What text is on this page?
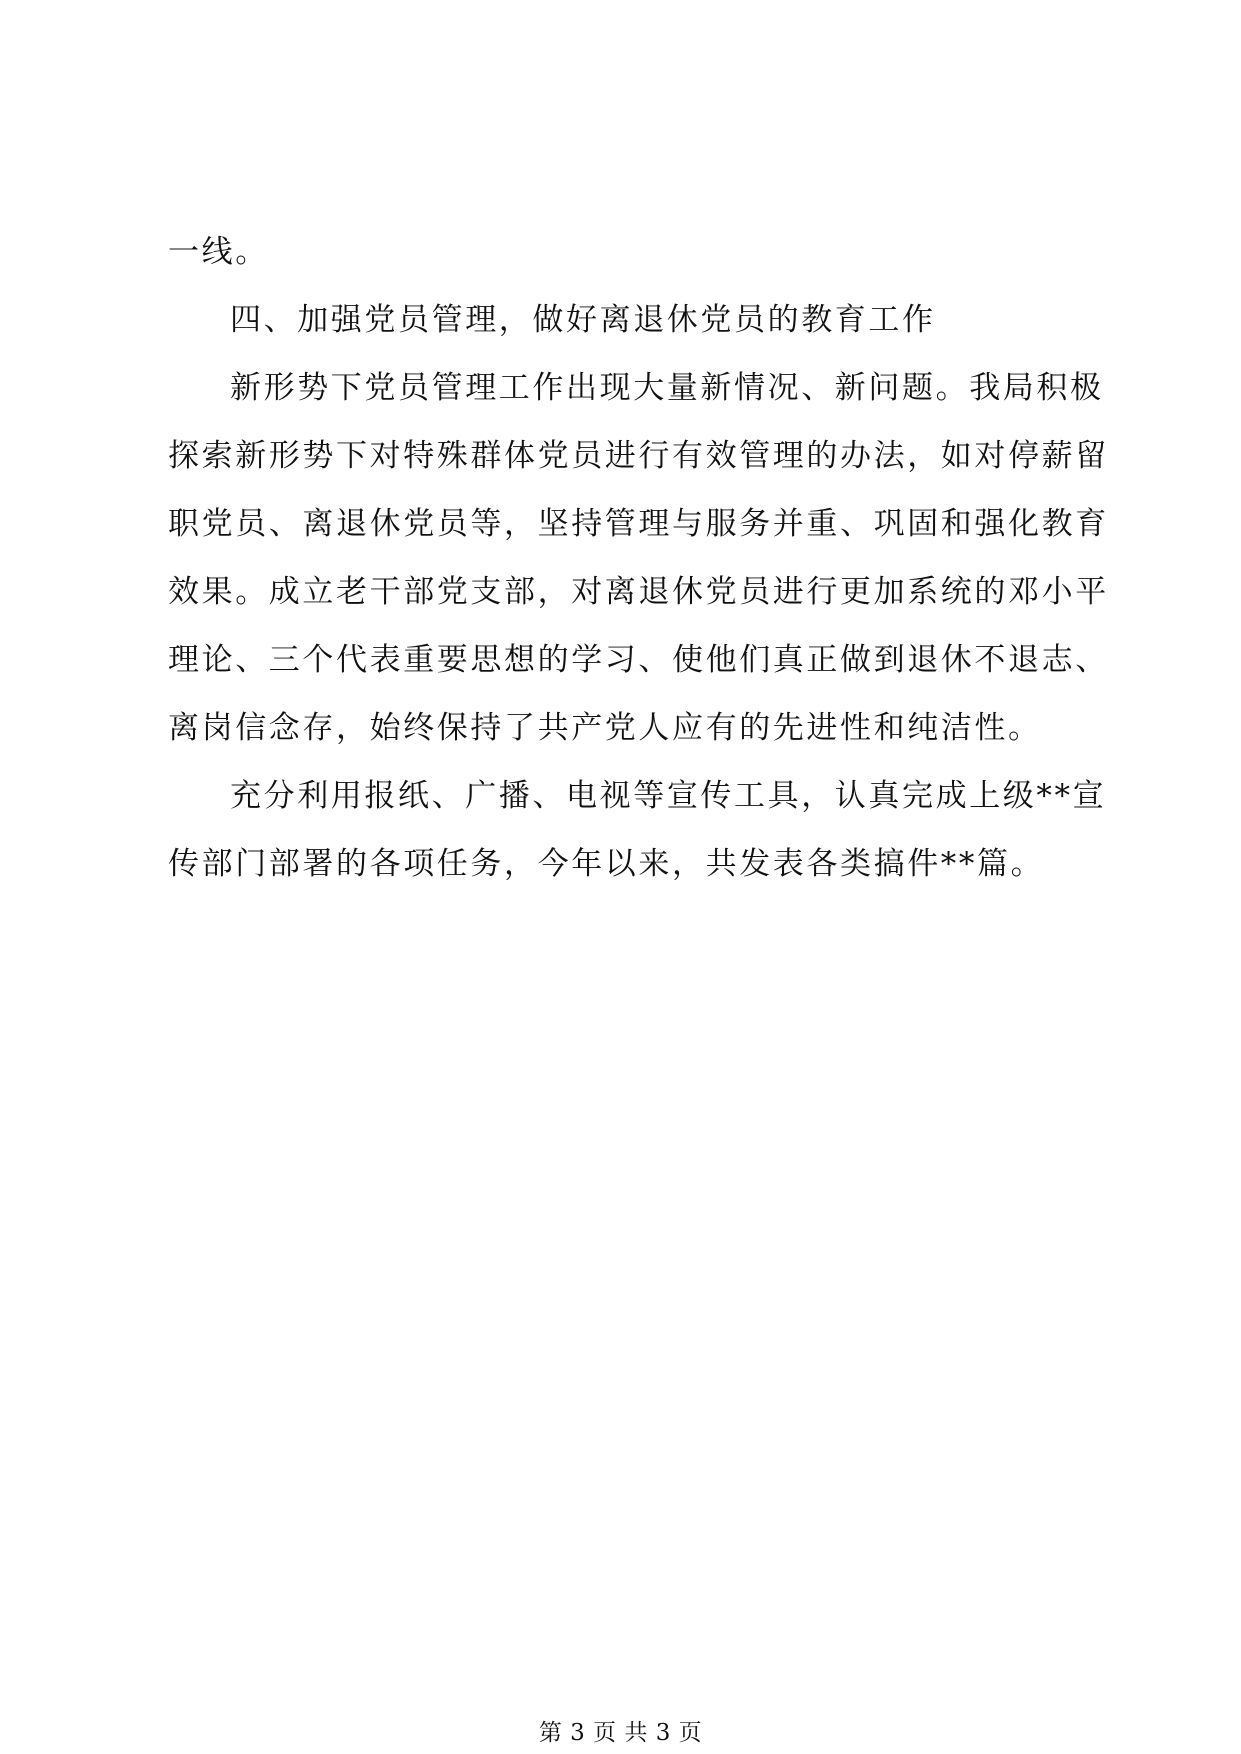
一线。
四、加强党员管理，做好离退休党员的教育工作
新形势下党员管理工作出现大量新情况、新问题。我局积极
探索新形势下对特殊群体党员进行有效管理的办法，如对停薪留
职党员、离退休党员等，坚持管理与服务并重、巩固和强化教育
效果。成立老干部党支部，对离退休党员进行更加系统的邓小平
理论、三个代表重要思想的学习、使他们真正做到退休不退志、
离岗信念存，始终保持了共产党人应有的先进性和纯洁性。
充分利用报纸、广播、电视等宣传工具，认真完成上级**宣
传部门部署的各项任务，今年以来，共发表各类搞件**篇。
第 3 页 共 3 页
